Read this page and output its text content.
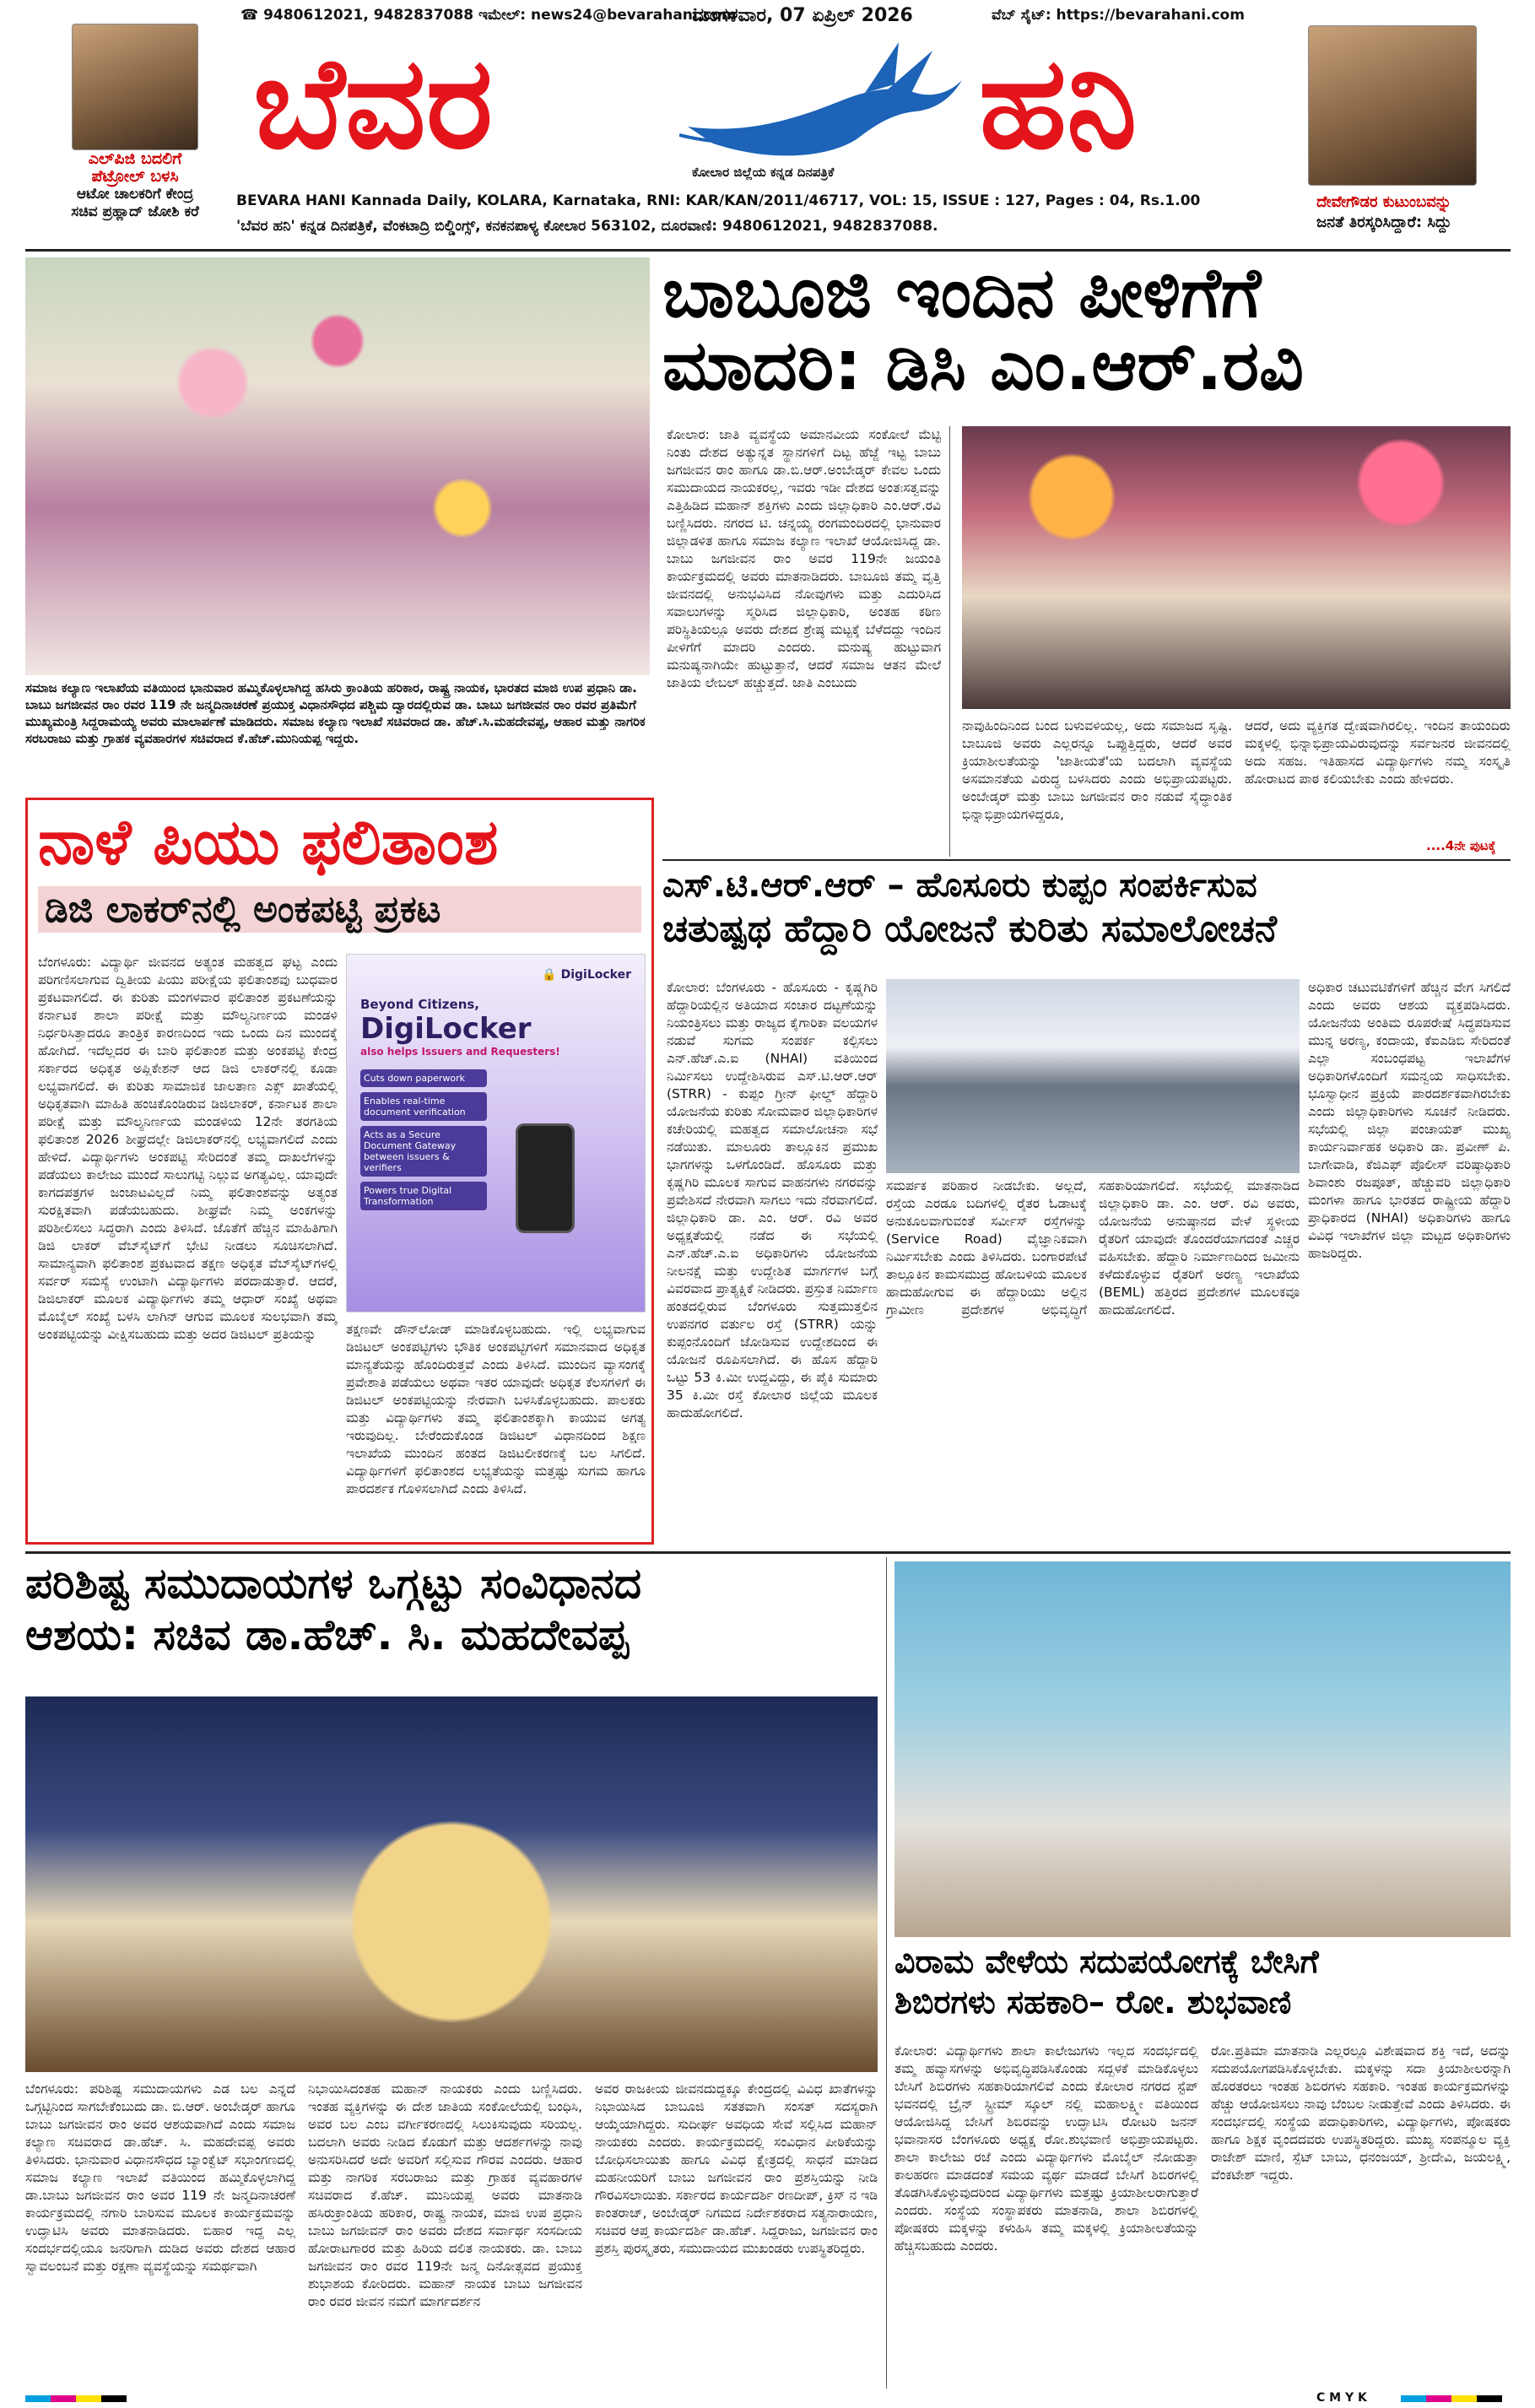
☎ 9480612021, 9482837088 ಇಮೇಲ್: news24@bevarahani.com
ಮಂಗಳವಾರ, 07 ಏಪ್ರಿಲ್ 2026	ವೆಬ್ ಸೈಟ್: https://bevarahani.com
ಎಲ್‌ಪಿಜಿ ಬದಲಿಗೆ
ಪೆಟ್ರೋಲ್ ಬಳಸಿ
ಆಟೋ ಚಾಲಕರಿಗೆ ಕೇಂದ್ರ
ಸಚಿವ ಪ್ರಹ್ಲಾದ್ ಜೋಶಿ ಕರೆ
ಬೆವರ	ಹನಿ
ಕೋಲಾರ ಜಿಲ್ಲೆಯ ಕನ್ನಡ ದಿನಪತ್ರಿಕೆ
BEVARA HANI Kannada Daily, KOLARA, Karnataka, RNI: KAR/KAN/2011/46717, VOL: 15, ISSUE : 127, Pages : 04, Rs.1.00
'ಬೆವರ ಹನಿ' ಕನ್ನಡ ದಿನಪತ್ರಿಕೆ, ವೆಂಕಟಾದ್ರಿ ಬಿಲ್ಡಿಂಗ್ಸ್, ಕನಕನಪಾಳ್ಯ ಕೋಲಾರ 563102, ದೂರವಾಣಿ: 9480612021, 9482837088.
ದೇವೇಗೌಡರ ಕುಟುಂಬವನ್ನು
ಜನತೆ ತಿರಸ್ಕರಿಸಿದ್ದಾರೆ: ಸಿದ್ದು
ಸಮಾಜ ಕಲ್ಯಾಣ ಇಲಾಖೆಯ ವತಿಯಿಂದ ಭಾನುವಾರ ಹಮ್ಮಿಕೊಳ್ಳಲಾಗಿದ್ದ ಹಸಿರು ಕ್ರಾಂತಿಯ ಹರಿಕಾರ, ರಾಷ್ಟ್ರ ನಾಯಕ, ಭಾರತದ ಮಾಜಿ ಉಪ ಪ್ರಧಾನಿ ಡಾ. ಬಾಬು ಜಗಜೀವನ ರಾಂ ರವರ 119 ನೇ ಜನ್ಮದಿನಾಚರಣೆ ಪ್ರಯುಕ್ತ ವಿಧಾನಸೌಧದ ಪಶ್ಚಿಮ ದ್ವಾರದಲ್ಲಿರುವ ಡಾ. ಬಾಬು ಜಗಜೀವನ ರಾಂ ರವರ ಪ್ರತಿಮೆಗೆ ಮುಖ್ಯಮಂತ್ರಿ ಸಿದ್ದರಾಮಯ್ಯ ಅವರು ಮಾಲಾರ್ಪಣೆ ಮಾಡಿದರು. ಸಮಾಜ ಕಲ್ಯಾಣ ಇಲಾಖೆ ಸಚಿವರಾದ ಡಾ. ಹೆಚ್.ಸಿ.ಮಹದೇವಪ್ಪ, ಆಹಾರ ಮತ್ತು ನಾಗರಿಕ ಸರಬರಾಜು ಮತ್ತು ಗ್ರಾಹಕ ವ್ಯವಹಾರಗಳ ಸಚಿವರಾದ ಕೆ.ಹೆಚ್.ಮುನಿಯಪ್ಪ ಇದ್ದರು.
ಬಾಬೂಜಿ ಇಂದಿನ ಪೀಳಿಗೆಗೆ
ಮಾದರಿ: ಡಿಸಿ ಎಂ.ಆರ್.ರವಿ
ಕೋಲಾರ: ಜಾತಿ ವ್ಯವಸ್ಥೆಯ ಅಮಾನವೀಯ ಸಂಕೋಲೆ ಮೆಟ್ಟಿ ನಿಂತು ದೇಶದ ಅತ್ಯುನ್ನತ ಸ್ಥಾನಗಳಿಗೆ ದಿಟ್ಟ ಹೆಜ್ಜೆ ಇಟ್ಟ ಬಾಬು ಜಗಜೀವನ ರಾಂ ಹಾಗೂ ಡಾ.ಬಿ.ಆರ್.ಅಂಬೇಡ್ಕರ್ ಕೇವಲ ಒಂದು ಸಮುದಾಯದ ನಾಯಕರಲ್ಲ, ಇವರು ಇಡೀ ದೇಶದ ಅಂತಃಸತ್ವವನ್ನು ಎತ್ತಿಹಿಡಿದ ಮಹಾನ್ ಶಕ್ತಿಗಳು ಎಂದು ಜಿಲ್ಲಾಧಿಕಾರಿ ಎಂ.ಆರ್.ರವಿ ಬಣ್ಣಿಸಿದರು. ನಗರದ ಟಿ. ಚನ್ನಯ್ಯ ರಂಗಮಂದಿರದಲ್ಲಿ ಭಾನುವಾರ ಜಿಲ್ಲಾಡಳಿತ ಹಾಗೂ ಸಮಾಜ ಕಲ್ಯಾಣ ಇಲಾಖೆ ಆಯೋಜಿಸಿದ್ದ ಡಾ. ಬಾಬು ಜಗಜೀವನ ರಾಂ ಅವರ 119ನೇ ಜಯಂತಿ ಕಾರ್ಯಕ್ರಮದಲ್ಲಿ ಅವರು ಮಾತನಾಡಿದರು. ಬಾಬೂಜಿ ತಮ್ಮ ವೃತ್ತಿ ಜೀವನದಲ್ಲಿ ಅನುಭವಿಸಿದ ನೋವುಗಳು ಮತ್ತು ಎದುರಿಸಿದ ಸವಾಲುಗಳನ್ನು ಸ್ಮರಿಸಿದ ಜಿಲ್ಲಾಧಿಕಾರಿ, ಅಂತಹ ಕಠಿಣ ಪರಿಸ್ಥಿತಿಯಲ್ಲೂ ಅವರು ದೇಶದ ಶ್ರೇಷ್ಠ ಮಟ್ಟಕ್ಕೆ ಬೆಳೆದದ್ದು ಇಂದಿನ ಪೀಳಿಗೆಗೆ ಮಾದರಿ ಎಂದರು. ಮನುಷ್ಯ ಹುಟ್ಟುವಾಗ ಮನುಷ್ಯನಾಗಿಯೇ ಹುಟ್ಟುತ್ತಾನೆ, ಆದರೆ ಸಮಾಜ ಆತನ ಮೇಲೆ ಜಾತಿಯ ಲೇಬಲ್ ಹಚ್ಚುತ್ತದೆ. ಜಾತಿ ಎಂಬುದು
ನಾವುಹಿಂದಿನಿಂದ ಬಂದ ಬಳುವಳಿಯಲ್ಲ, ಅದು ಸಮಾಜದ ಸೃಷ್ಟಿ. ಬಾಬೂಜಿ ಅವರು ಎಲ್ಲರನ್ನೂ ಒಪ್ಪುತ್ತಿದ್ದರು, ಆದರೆ ಅವರ ಕ್ರಿಯಾಶೀಲತೆಯನ್ನು 'ಜಾತೀಯತೆ'ಯ ಬದಲಾಗಿ ವ್ಯವಸ್ಥೆಯ ಅಸಮಾನತೆಯ ವಿರುದ್ಧ ಬಳಸಿದರು ಎಂದು ಅಭಿಪ್ರಾಯಪಟ್ಟರು. ಅಂಬೇಡ್ಕರ್ ಮತ್ತು ಬಾಬು ಜಗಜೀವನ ರಾಂ ನಡುವೆ ಸೈದ್ಧಾಂತಿಕ ಭಿನ್ನಾಭಿಪ್ರಾಯಗಳಿದ್ದರೂ,
ಆದರೆ, ಅದು ವ್ಯಕ್ತಿಗತ ದ್ವೇಷವಾಗಿರಲಿಲ್ಲ. ಇಂದಿನ ತಾಯಂದಿರು ಮಕ್ಕಳಲ್ಲಿ ಭಿನ್ನಾಭಿಪ್ರಾಯವಿರುವುದನ್ನು ಸರ್ವಜನರ ಜೀವನದಲ್ಲಿ ಅದು ಸಹಜ. ಇತಿಹಾಸದ ವಿದ್ಯಾರ್ಥಿಗಳು ನಮ್ಮ ಸಂಸ್ಕೃತಿ ಹೋರಾಟದ ಪಾಠ ಕಲಿಯಬೇಕು ಎಂದು ಹೇಳಿದರು.
....4ನೇ ಪುಟಕ್ಕೆ
ನಾಳೆ ಪಿಯು ಫಲಿತಾಂಶ
ಡಿಜಿ ಲಾಕರ್‌ನಲ್ಲಿ ಅಂಕಪಟ್ಟಿ ಪ್ರಕಟ
ಬೆಂಗಳೂರು: ವಿದ್ಯಾರ್ಥಿ ಜೀವನದ ಅತ್ಯಂತ ಮಹತ್ವದ ಘಟ್ಟ ಎಂದು ಪರಿಗಣಿಸಲಾಗುವ ದ್ವಿತೀಯ ಪಿಯು ಪರೀಕ್ಷೆಯ ಫಲಿತಾಂಶವು ಬುಧವಾರ ಪ್ರಕಟವಾಗಲಿದೆ. ಈ ಕುರಿತು ಮಂಗಳವಾರ ಫಲಿತಾಂಶ ಪ್ರಕಟಣೆಯನ್ನು ಕರ್ನಾಟಕ ಶಾಲಾ ಪರೀಕ್ಷೆ ಮತ್ತು ಮೌಲ್ಯನಿರ್ಣಯ ಮಂಡಳಿ ನಿರ್ಧರಿಸಿತ್ತಾದರೂ ತಾಂತ್ರಿಕ ಕಾರಣದಿಂದ ಇದು ಒಂದು ದಿನ ಮುಂದಕ್ಕೆ ಹೋಗಿದೆ. ಇದೆಲ್ಲದರ ಈ ಬಾರಿ ಫಲಿತಾಂಶ ಮತ್ತು ಅಂಕಪಟ್ಟಿ ಕೇಂದ್ರ ಸರ್ಕಾರದ ಅಧಿಕೃತ ಅಪ್ಲಿಕೇಶನ್ ಆದ ಡಿಜಿ ಲಾಕರ್‌ನಲ್ಲಿ ಕೂಡಾ ಲಭ್ಯವಾಗಲಿದೆ. ಈ ಕುರಿತು ಸಾಮಾಜಿಕ ಜಾಲತಾಣ ಎಕ್ಸ್ ಖಾತೆಯಲ್ಲಿ ಅಧಿಕೃತವಾಗಿ ಮಾಹಿತಿ ಹಂಚಿಕೊಂಡಿರುವ ಡಿಜಿಲಾಕರ್, ಕರ್ನಾಟಕ ಶಾಲಾ ಪರೀಕ್ಷೆ ಮತ್ತು ಮೌಲ್ಯನಿರ್ಣಯ ಮಂಡಳಿಯ 12ನೇ ತರಗತಿಯ ಫಲಿತಾಂಶ 2026 ಶೀಘ್ರದಲ್ಲೇ ಡಿಜಿಲಾಕರ್‌ನಲ್ಲಿ ಲಭ್ಯವಾಗಲಿದೆ ಎಂದು ಹೇಳಿದೆ. ವಿದ್ಯಾರ್ಥಿಗಳು ಅಂಕಪಟ್ಟಿ ಸೇರಿದಂತೆ ತಮ್ಮ ದಾಖಲೆಗಳನ್ನು ಪಡೆಯಲು ಕಾಲೇಜು ಮುಂದೆ ಸಾಲುಗಟ್ಟಿ ನಿಲ್ಲುವ ಅಗತ್ಯವಿಲ್ಲ. ಯಾವುದೇ ಕಾಗದಪತ್ರಗಳ ಜಂಜಾಟವಿಲ್ಲದೆ ನಿಮ್ಮ ಫಲಿತಾಂಶವನ್ನು ಅತ್ಯಂತ ಸುರಕ್ಷಿತವಾಗಿ ಪಡೆಯಬಹುದು. ಶೀಘ್ರವೇ ನಿಮ್ಮ ಅಂಕಗಳನ್ನು ಪರಿಶೀಲಿಸಲು ಸಿದ್ಧರಾಗಿ ಎಂದು ತಿಳಿಸಿದೆ. ಜೊತೆಗೆ ಹೆಚ್ಚಿನ ಮಾಹಿತಿಗಾಗಿ ಡಿಜಿ ಲಾಕರ್ ವೆಬ್‌ಸೈಟ್‌ಗೆ ಭೇಟಿ ನೀಡಲು ಸೂಚಿಸಲಾಗಿದೆ. ಸಾಮಾನ್ಯವಾಗಿ ಫಲಿತಾಂಶ ಪ್ರಕಟವಾದ ತಕ್ಷಣ ಅಧಿಕೃತ ವೆಬ್‌ಸೈಟ್‌ಗಳಲ್ಲಿ ಸರ್ವರ್ ಸಮಸ್ಯೆ ಉಂಟಾಗಿ ವಿದ್ಯಾರ್ಥಿಗಳು ಪರದಾಡುತ್ತಾರೆ. ಆದರೆ, ಡಿಜಿಲಾಕರ್ ಮೂಲಕ ವಿದ್ಯಾರ್ಥಿಗಳು ತಮ್ಮ ಆಧಾರ್ ಸಂಖ್ಯೆ ಅಥವಾ ಮೊಬೈಲ್ ಸಂಖ್ಯೆ ಬಳಸಿ ಲಾಗಿನ್ ಆಗುವ ಮೂಲಕ ಸುಲಭವಾಗಿ ತಮ್ಮ ಅಂಕಪಟ್ಟಿಯನ್ನು ವೀಕ್ಷಿಸಬಹುದು ಮತ್ತು ಅದರ ಡಿಜಿಟಲ್ ಪ್ರತಿಯನ್ನು
🔒 DigiLocker
Beyond Citizens,
DigiLocker
also helps Issuers and Requesters!
Cuts down paperwork
Enables real-time document verification
Acts as a Secure Document Gateway between issuers & verifiers
Powers true Digital Transformation
ತಕ್ಷಣವೇ ಡೌನ್‌ಲೋಡ್ ಮಾಡಿಕೊಳ್ಳಬಹುದು. ಇಲ್ಲಿ ಲಭ್ಯವಾಗುವ ಡಿಜಿಟಲ್ ಅಂಕಪಟ್ಟಿಗಳು ಭೌತಿಕ ಅಂಕಪಟ್ಟಿಗಳಿಗೆ ಸಮಾನವಾದ ಅಧಿಕೃತ ಮಾನ್ಯತೆಯನ್ನು ಹೊಂದಿರುತ್ತವೆ ಎಂದು ತಿಳಿಸಿದೆ. ಮುಂದಿನ ವ್ಯಾಸಂಗಕ್ಕೆ ಪ್ರವೇಶಾತಿ ಪಡೆಯಲು ಅಥವಾ ಇತರ ಯಾವುದೇ ಅಧಿಕೃತ ಕೆಲಸಗಳಿಗೆ ಈ ಡಿಜಿಟಲ್ ಅಂಕಪಟ್ಟಿಯನ್ನು ನೇರವಾಗಿ ಬಳಸಿಕೊಳ್ಳಬಹುದು. ಪಾಲಕರು ಮತ್ತು ವಿದ್ಯಾರ್ಥಿಗಳು ತಮ್ಮ ಫಲಿತಾಂಶಕ್ಕಾಗಿ ಕಾಯುವ ಅಗತ್ಯ ಇರುವುದಿಲ್ಲ. ಬೇರೆಂದುಕೊಂಡ ಡಿಜಿಟಲ್ ವಿಧಾನದಿಂದ ಶಿಕ್ಷಣ ಇಲಾಖೆಯ ಮುಂದಿನ ಹಂತದ ಡಿಜಿಟಲೀಕರಣಕ್ಕೆ ಬಲ ಸಿಗಲಿದೆ. ವಿದ್ಯಾರ್ಥಿಗಳಿಗೆ ಫಲಿತಾಂಶದ ಲಭ್ಯತೆಯನ್ನು ಮತ್ತಷ್ಟು ಸುಗಮ ಹಾಗೂ ಪಾರದರ್ಶಕ ಗೊಳಿಸಲಾಗಿದೆ ಎಂದು ತಿಳಿಸಿದೆ.
ಎಸ್.ಟಿ.ಆರ್.ಆರ್ – ಹೊಸೂರು ಕುಪ್ಪಂ ಸಂಪರ್ಕಿಸುವ
ಚತುಷ್ಪಥ ಹೆದ್ದಾರಿ ಯೋಜನೆ ಕುರಿತು ಸಮಾಲೋಚನೆ
ಕೋಲಾರ: ಬೆಂಗಳೂರು - ಹೊಸೂರು - ಕೃಷ್ಣಗಿರಿ ಹೆದ್ದಾರಿಯಲ್ಲಿನ ಅತಿಯಾದ ಸಂಚಾರ ದಟ್ಟಣೆಯನ್ನು ನಿಯಂತ್ರಿಸಲು ಮತ್ತು ರಾಜ್ಯದ ಕೈಗಾರಿಕಾ ವಲಯಗಳ ನಡುವೆ ಸುಗಮ ಸಂಪರ್ಕ ಕಲ್ಪಿಸಲು ಎನ್.ಹೆಚ್.ಎ.ಐ (NHAI) ವತಿಯಿಂದ ನಿರ್ಮಿಸಲು ಉದ್ದೇಶಿಸಿರುವ ಎಸ್.ಟಿ.ಆರ್.ಆರ್ (STRR) - ಕುಪ್ಪಂ ಗ್ರೀನ್ ಫೀಲ್ಡ್ ಹೆದ್ದಾರಿ ಯೋಜನೆಯ ಕುರಿತು ಸೋಮವಾರ ಜಿಲ್ಲಾಧಿಕಾರಿಗಳ ಕಚೇರಿಯಲ್ಲಿ ಮಹತ್ವದ ಸಮಾಲೋಚನಾ ಸಭೆ ನಡೆಯಿತು. ಮಾಲೂರು ತಾಲ್ಲೂಕಿನ ಪ್ರಮುಖ ಭಾಗಗಳನ್ನು ಒಳಗೊಂಡಿದೆ. ಹೊಸೂರು ಮತ್ತು ಕೃಷ್ಣಗಿರಿ ಮೂಲಕ ಸಾಗುವ ವಾಹನಗಳು ನಗರವನ್ನು ಪ್ರವೇಶಿಸದೆ ನೇರವಾಗಿ ಸಾಗಲು ಇದು ನೆರವಾಗಲಿದೆ. ಜಿಲ್ಲಾಧಿಕಾರಿ ಡಾ. ಎಂ. ಆರ್. ರವಿ ಅವರ ಅಧ್ಯಕ್ಷತೆಯಲ್ಲಿ ನಡೆದ ಈ ಸಭೆಯಲ್ಲಿ ಎನ್.ಹೆಚ್.ಎ.ಐ ಅಧಿಕಾರಿಗಳು ಯೋಜನೆಯ ನೀಲನಕ್ಷೆ ಮತ್ತು ಉದ್ದೇಶಿತ ಮಾರ್ಗಗಳ ಬಗ್ಗೆ ವಿವರವಾದ ಪ್ರಾತ್ಯಕ್ಷಿಕೆ ನೀಡಿದರು. ಪ್ರಸ್ತುತ ನಿರ್ಮಾಣ ಹಂತದಲ್ಲಿರುವ ಬೆಂಗಳೂರು ಸುತ್ತಮುತ್ತಲಿನ ಉಪನಗರ ವರ್ತುಲ ರಸ್ತೆ (STRR) ಯನ್ನು ಕುಪ್ಪಂನೊಂದಿಗೆ ಜೋಡಿಸುವ ಉದ್ದೇಶದಿಂದ ಈ ಯೋಜನೆ ರೂಪಿಸಲಾಗಿದೆ. ಈ ಹೊಸ ಹೆದ್ದಾರಿ ಒಟ್ಟು 53 ಕಿ.ಮೀ ಉದ್ದವಿದ್ದು, ಈ ಪೈಕಿ ಸುಮಾರು 35 ಕಿ.ಮೀ ರಸ್ತೆ ಕೋಲಾರ ಜಿಲ್ಲೆಯ ಮೂಲಕ ಹಾದುಹೋಗಲಿದೆ.
ಸಮರ್ಪಕ ಪರಿಹಾರ ನೀಡಬೇಕು. ಅಲ್ಲದೆ, ರಸ್ತೆಯ ಎರಡೂ ಬದಿಗಳಲ್ಲಿ ರೈತರ ಓಡಾಟಕ್ಕೆ ಅನುಕೂಲವಾಗುವಂತೆ ಸರ್ವೀಸ್ ರಸ್ತೆಗಳನ್ನು (Service Road) ವೈಜ್ಞಾನಿಕವಾಗಿ ನಿರ್ಮಿಸಬೇಕು ಎಂದು ತಿಳಿಸಿದರು. ಬಂಗಾರಪೇಟೆ ತಾಲ್ಲೂಕಿನ ಕಾಮಸಮುದ್ರ ಹೋಬಳಿಯ ಮೂಲಕ ಹಾದುಹೋಗುವ ಈ ಹೆದ್ದಾರಿಯು ಅಲ್ಲಿನ ಗ್ರಾಮೀಣ ಪ್ರದೇಶಗಳ ಅಭಿವೃದ್ಧಿಗೆ ಸಹಕಾರಿಯಾಗಲಿದೆ. ಸಭೆಯಲ್ಲಿ ಮಾತನಾಡಿದ ಜಿಲ್ಲಾಧಿಕಾರಿ ಡಾ. ಎಂ. ಆರ್. ರವಿ ಅವರು, ಯೋಜನೆಯ ಅನುಷ್ಠಾನದ ವೇಳೆ ಸ್ಥಳೀಯ ರೈತರಿಗೆ ಯಾವುದೇ ತೊಂದರೆಯಾಗದಂತೆ ಎಚ್ಚರ ವಹಿಸಬೇಕು. ಹೆದ್ದಾರಿ ನಿರ್ಮಾಣದಿಂದ ಜಮೀನು ಕಳೆದುಕೊಳ್ಳುವ ರೈತರಿಗೆ ಅರಣ್ಯ ಇಲಾಖೆಯ (BEML) ಹತ್ತಿರದ ಪ್ರದೇಶಗಳ ಮೂಲಕವೂ ಹಾದುಹೋಗಲಿದೆ.
ಅಧಿಕಾರ ಚಟುವಟಿಕೆಗಳಿಗೆ ಹೆಚ್ಚಿನ ವೇಗ ಸಿಗಲಿದೆ ಎಂದು ಅವರು ಆಶಯ ವ್ಯಕ್ತಪಡಿಸಿದರು. ಯೋಜನೆಯ ಅಂತಿಮ ರೂಪರೇಷೆ ಸಿದ್ಧಪಡಿಸುವ ಮುನ್ನ ಅರಣ್ಯ, ಕಂದಾಯ, ಕೆಐಎಡಿಬಿ ಸೇರಿದಂತೆ ಎಲ್ಲಾ ಸಂಬಂಧಪಟ್ಟ ಇಲಾಖೆಗಳ ಅಧಿಕಾರಿಗಳೊಂದಿಗೆ ಸಮನ್ವಯ ಸಾಧಿಸಬೇಕು. ಭೂಸ್ವಾಧೀನ ಪ್ರಕ್ರಿಯೆ ಪಾರದರ್ಶಕವಾಗಿರಬೇಕು ಎಂದು ಜಿಲ್ಲಾಧಿಕಾರಿಗಳು ಸೂಚನೆ ನೀಡಿದರು. ಸಭೆಯಲ್ಲಿ ಜಿಲ್ಲಾ ಪಂಚಾಯತ್ ಮುಖ್ಯ ಕಾರ್ಯನಿರ್ವಾಹಕ ಅಧಿಕಾರಿ ಡಾ. ಪ್ರವೀಣ್ ಪಿ. ಬಾಗೇವಾಡಿ, ಕೆಜಿಎಫ್ ಪೊಲೀಸ್ ವರಿಷ್ಠಾಧಿಕಾರಿ ಶಿವಾಂಶು ರಜಪೂತ್, ಹೆಚ್ಚುವರಿ ಜಿಲ್ಲಾಧಿಕಾರಿ ಮಂಗಳಾ ಹಾಗೂ ಭಾರತದ ರಾಷ್ಟ್ರೀಯ ಹೆದ್ದಾರಿ ಪ್ರಾಧಿಕಾರದ (NHAI) ಅಧಿಕಾರಿಗಳು ಹಾಗೂ ವಿವಿಧ ಇಲಾಖೆಗಳ ಜಿಲ್ಲಾ ಮಟ್ಟದ ಅಧಿಕಾರಿಗಳು ಹಾಜರಿದ್ದರು.
ಪರಿಶಿಷ್ಟ ಸಮುದಾಯಗಳ ಒಗ್ಗಟ್ಟು ಸಂವಿಧಾನದ
ಆಶಯ: ಸಚಿವ ಡಾ.ಹೆಚ್. ಸಿ. ಮಹದೇವಪ್ಪ
ಬೆಂಗಳೂರು: ಪರಿಶಿಷ್ಟ ಸಮುದಾಯಗಳು ಎಡ ಬಲ ಎನ್ನದೆ ಒಗ್ಗಟ್ಟಿನಿಂದ ಸಾಗಬೇಕೆಂಬುದು ಡಾ. ಬಿ.ಆರ್. ಅಂಬೇಡ್ಕರ್ ಹಾಗೂ ಬಾಬು ಜಗಜೀವನ ರಾಂ ಅವರ ಆಶಯವಾಗಿದೆ ಎಂದು ಸಮಾಜ ಕಲ್ಯಾಣ ಸಚಿವರಾದ ಡಾ.ಹೆಚ್. ಸಿ. ಮಹದೇವಪ್ಪ ಅವರು ತಿಳಿಸಿದರು. ಭಾನುವಾರ ವಿಧಾನಸೌಧದ ಬ್ಯಾಂಕ್ವೆಟ್ ಸಭಾಂಗಣದಲ್ಲಿ ಸಮಾಜ ಕಲ್ಯಾಣ ಇಲಾಖೆ ವತಿಯಿಂದ ಹಮ್ಮಿಕೊಳ್ಳಲಾಗಿದ್ದ ಡಾ.ಬಾಬು ಜಗಜೀವನ ರಾಂ ಅವರ 119 ನೇ ಜನ್ಮದಿನಾಚರಣೆ ಕಾರ್ಯಕ್ರಮದಲ್ಲಿ ನಗಾರಿ ಬಾರಿಸುವ ಮೂಲಕ ಕಾರ್ಯಕ್ರಮವನ್ನು ಉದ್ಘಾಟಿಸಿ ಅವರು ಮಾತನಾಡಿದರು. ಬಿಹಾರ ಇದ್ದ ಎಲ್ಲ ಸಂದರ್ಭದಲ್ಲಿಯೂ ಜನರಿಗಾಗಿ ದುಡಿದ ಅವರು ದೇಶದ ಆಹಾರ ಸ್ವಾವಲಂಬನೆ ಮತ್ತು ರಕ್ಷಣಾ ವ್ಯವಸ್ಥೆಯನ್ನು ಸಮರ್ಥವಾಗಿ
ನಿಭಾಯಿಸಿದಂತಹ ಮಹಾನ್ ನಾಯಕರು ಎಂದು ಬಣ್ಣಿಸಿದರು. ಇಂತಹ ವ್ಯಕ್ತಿಗಳನ್ನು ಈ ದೇಶ ಜಾತಿಯ ಸಂಕೋಲೆಯಲ್ಲಿ ಬಂಧಿಸಿ, ಅವರ ಬಲ ಎಂಬ ವರ್ಗೀಕರಣದಲ್ಲಿ ಸಿಲುಕಿಸುವುದು ಸರಿಯಲ್ಲ. ಬದಲಾಗಿ ಅವರು ನೀಡಿದ ಕೊಡುಗೆ ಮತ್ತು ಆದರ್ಶಗಳನ್ನು ನಾವು ಅನುಸರಿಸಿದರೆ ಅದೇ ಅವರಿಗೆ ಸಲ್ಲಿಸುವ ಗೌರವ ಎಂದರು. ಆಹಾರ ಮತ್ತು ನಾಗರಿಕ ಸರಬರಾಜು ಮತ್ತು ಗ್ರಾಹಕ ವ್ಯವಹಾರಗಳ ಸಚಿವರಾದ ಕೆ.ಹೆಚ್. ಮುನಿಯಪ್ಪ ಅವರು ಮಾತನಾಡಿ ಹಸಿರುಕ್ರಾಂತಿಯ ಹರಿಕಾರ, ರಾಷ್ಟ್ರ ನಾಯಕ, ಮಾಜಿ ಉಪ ಪ್ರಧಾನಿ ಬಾಬು ಜಗಜೀವನ್ ರಾಂ ಅವರು ದೇಶದ ಸರ್ವಾರ್ಥ ಸಂಸದೀಯ ಹೋರಾಟಗಾರರ ಮತ್ತು ಹಿರಿಯ ದಲಿತ ನಾಯಕರು. ಡಾ. ಬಾಬು ಜಗಜೀವನ ರಾಂ ರವರ 119ನೇ ಜನ್ಮ ದಿನೋತ್ಸವದ ಪ್ರಯುಕ್ತ ಶುಭಾಶಯ ಕೋರಿದರು. ಮಹಾನ್ ನಾಯಕ ಬಾಬು ಜಗಜೀವನ ರಾಂ ರವರ ಜೀವನ ನಮಗೆ ಮಾರ್ಗದರ್ಶನ
ಅವರ ರಾಜಕೀಯ ಜೀವನದುದ್ದಕ್ಕೂ ಕೇಂದ್ರದಲ್ಲಿ ವಿವಿಧ ಖಾತೆಗಳನ್ನು ನಿಭಾಯಿಸಿದ ಬಾಬೂಜಿ ಸತತವಾಗಿ ಸಂಸತ್ ಸದಸ್ಯರಾಗಿ ಆಯ್ಕೆಯಾಗಿದ್ದರು. ಸುದೀರ್ಘ ಅವಧಿಯ ಸೇವೆ ಸಲ್ಲಿಸಿದ ಮಹಾನ್ ನಾಯಕರು ಎಂದರು. ಕಾರ್ಯಕ್ರಮದಲ್ಲಿ ಸಂವಿಧಾನ ಪೀಠಿಕೆಯನ್ನು ಬೋಧಿಸಲಾಯಿತು ಹಾಗೂ ವಿವಿಧ ಕ್ಷೇತ್ರದಲ್ಲಿ ಸಾಧನೆ ಮಾಡಿದ ಮಹನೀಯರಿಗೆ ಬಾಬು ಜಗಜೀವನ ರಾಂ ಪ್ರಶಸ್ತಿಯನ್ನು ನೀಡಿ ಗೌರವಿಸಲಾಯಿತು. ಸರ್ಕಾರದ ಕಾರ್ಯದರ್ಶಿ ರಣದೀಪ್, ಕ್ರಿಸ್ ನ ಇಡಿ ಕಾಂತರಾಜ್, ಅಂಬೇಡ್ಕರ್ ನಿಗಮದ ನಿರ್ದೇಶಕರಾದ ಸತ್ಯನಾರಾಯಣ, ಸಚಿವರ ಆಪ್ತ ಕಾರ್ಯದರ್ಶಿ ಡಾ.ಹೆಚ್. ಸಿದ್ದರಾಜು, ಜಗಜೀವನ ರಾಂ ಪ್ರಶಸ್ತಿ ಪುರಸ್ಕೃತರು, ಸಮುದಾಯದ ಮುಖಂಡರು ಉಪಸ್ಥಿತರಿದ್ದರು.
ವಿರಾಮ ವೇಳೆಯ ಸದುಪಯೋಗಕ್ಕೆ ಬೇಸಿಗೆ
ಶಿಬಿರಗಳು ಸಹಕಾರಿ– ರೋ. ಶುಭವಾಣಿ
ಕೋಲಾರ: ವಿದ್ಯಾರ್ಥಿಗಳು ಶಾಲಾ ಕಾಲೇಜುಗಳು ಇಲ್ಲದ ಸಂದರ್ಭದಲ್ಲಿ ತಮ್ಮ ಹವ್ಯಾಸಗಳನ್ನು ಅಭಿವೃದ್ಧಿಪಡಿಸಿಕೊಂಡು ಸದ್ಬಳಕೆ ಮಾಡಿಕೊಳ್ಳಲು ಬೇಸಿಗೆ ಶಿಬಿರಗಳು ಸಹಕಾರಿಯಾಗಲಿವೆ ಎಂದು ಕೋಲಾರ ನಗರದ ಸ್ಟೆಪ್ ಭವನದಲ್ಲಿ ಬ್ರೈನ್ ಸ್ಟ್ರೀಮ್ ಸ್ಕೂಲ್ ನಲ್ಲಿ ಮಹಾಲಕ್ಷ್ಮೀ ವತಿಯಿಂದ ಆಯೋಜಿಸಿದ್ದ ಬೇಸಿಗೆ ಶಿಬಿರವನ್ನು ಉದ್ಘಾಟಿಸಿ ರೋಟರಿ ಜನನ್ ಭವಾನಾಸರ ಬೆಂಗಳೂರು ಅಧ್ಯಕ್ಷ ರೋ.ಶುಭವಾಣಿ ಅಭಿಪ್ರಾಯಪಟ್ಟರು. ಶಾಲಾ ಕಾಲೇಜು ರಜೆ ಎಂದು ವಿದ್ಯಾರ್ಥಿಗಳು ಮೊಬೈಲ್ ನೋಡುತ್ತಾ ಕಾಲಹರಣ ಮಾಡದಂತೆ ಸಮಯ ವ್ಯರ್ಥ ಮಾಡದೆ ಬೇಸಿಗೆ ಶಿಬಿರಗಳಲ್ಲಿ ತೊಡಗಿಸಿಕೊಳ್ಳುವುದರಿಂದ ವಿದ್ಯಾರ್ಥಿಗಳು ಮತ್ತಷ್ಟು ಕ್ರಿಯಾಶೀಲರಾಗುತ್ತಾರೆ ಎಂದರು. ಸಂಸ್ಥೆಯ ಸಂಸ್ಥಾಪಕರು ಮಾತನಾಡಿ, ಶಾಲಾ ಶಿಬಿರಗಳಲ್ಲಿ ಪೋಷಕರು ಮಕ್ಕಳನ್ನು ಕಳುಹಿಸಿ ತಮ್ಮ ಮಕ್ಕಳಲ್ಲಿ ಕ್ರಿಯಾಶೀಲತೆಯನ್ನು ಹೆಚ್ಚಿಸಬಹುದು ಎಂದರು.
ರೋ.ಪ್ರತಿಮಾ ಮಾತನಾಡಿ ಎಲ್ಲರಲ್ಲೂ ವಿಶೇಷವಾದ ಶಕ್ತಿ ಇದೆ, ಅದನ್ನು ಸದುಪಯೋಗಪಡಿಸಿಕೊಳ್ಳಬೇಕು. ಮಕ್ಕಳನ್ನು ಸದಾ ಕ್ರಿಯಾಶೀಲರನ್ನಾಗಿ ಹೊರತರಲು ಇಂತಹ ಶಿಬಿರಗಳು ಸಹಕಾರಿ. ಇಂತಹ ಕಾರ್ಯಕ್ರಮಗಳನ್ನು ಹೆಚ್ಚು ಆಯೋಜಿಸಲು ನಾವು ಬೆಂಬಲ ನೀಡುತ್ತೇವೆ ಎಂದು ತಿಳಿಸಿದರು. ಈ ಸಂದರ್ಭದಲ್ಲಿ ಸಂಸ್ಥೆಯ ಪದಾಧಿಕಾರಿಗಳು, ವಿದ್ಯಾರ್ಥಿಗಳು, ಪೋಷಕರು ಹಾಗೂ ಶಿಕ್ಷಕ ವೃಂದದವರು ಉಪಸ್ಥಿತರಿದ್ದರು. ಮುಖ್ಯ ಸಂಪನ್ಮೂಲ ವ್ಯಕ್ತಿ ರಾಜೇಶ್ ಮಾಣಿ, ಸ್ಪೆಟ್ ಬಾಬು, ಧನಂಜಯ್, ಶ್ರೀದೇವಿ, ಜಯಲಕ್ಷ್ಮಿ, ವೆಂಕಟೇಶ್ ಇದ್ದರು.
C M Y K
